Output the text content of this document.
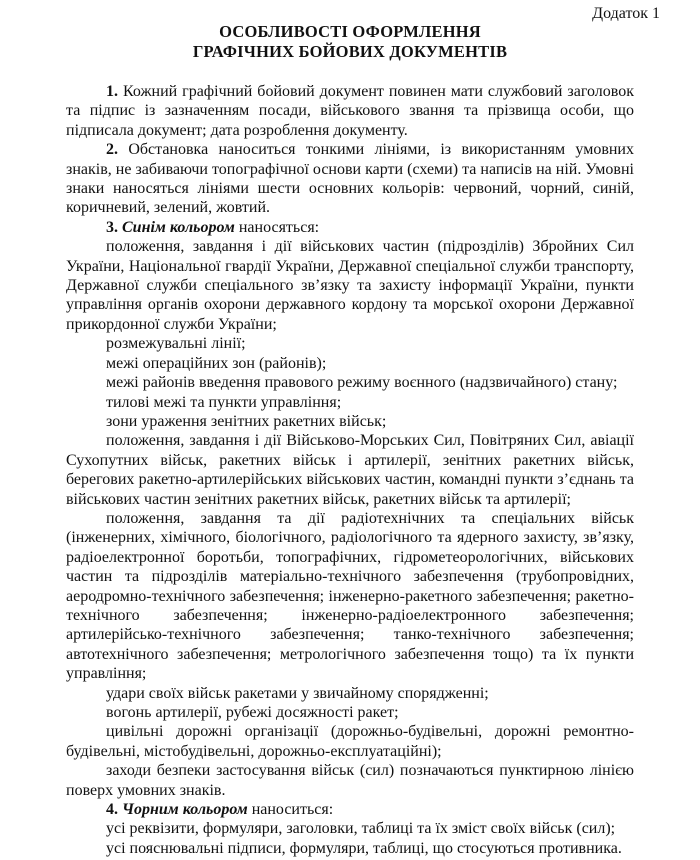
Додаток 1
ОСОБЛИВОСТІ ОФОРМЛЕННЯ
ГРАФІЧНИХ БОЙОВИХ ДОКУМЕНТІВ

1. Кожний графічний бойовий документ повинен мати службовий заголовок та підпис із зазначенням посади, військового звання та прізвища особи, що підписала документ; дата розроблення документу.

2. Обстановка наноситься тонкими лініями, із використанням умовних знаків, не забиваючи топографічної основи карти (схеми) та написів на ній. Умовні знаки наносяться лініями шести основних кольорів: червоний, чорний, синій, коричневий, зелений, жовтий.

3. Синім кольором наносяться:

положення, завдання і дії військових частин (підрозділів) Збройних Сил України, Національної гвардії України, Державної спеціальної служби транспорту, Державної служби спеціального зв’язку та захисту інформації України, пункти управління органів охорони державного кордону та морської охорони Державної прикордонної служби України;

розмежувальні лінії;

межі операційних зон (районів);

межі районів введення правового режиму воєнного (надзвичайного) стану;

тилові межі та пункти управління;

зони ураження зенітних ракетних військ;

положення, завдання і дії Військово-Морських Сил, Повітряних Сил, авіації Сухопутних військ, ракетних військ і артилерії, зенітних ракетних військ, берегових ракетно-артилерійських військових частин, командні пункти з’єднань та військових частин зенітних ракетних військ, ракетних військ та артилерії;

положення, завдання та дії радіотехнічних та спеціальних військ (інженерних, хімічного, біологічного, радіологічного та ядерного захисту, зв’язку, радіоелектронної боротьби, топографічних, гідрометеорологічних, військових частин та підрозділів матеріально-технічного забезпечення (трубопровідних, аеродромно-технічного забезпечення; інженерно-ракетного забезпечення; ракетно-технічного забезпечення; інженерно-радіоелектронного забезпечення; артилерійсько-технічного забезпечення; танко-технічного забезпечення; автотехнічного забезпечення; метрологічного забезпечення тощо) та їх пункти управління;

удари своїх військ ракетами у звичайному спорядженні;

вогонь артилерії, рубежі досяжності ракет;

цивільні дорожні організації (дорожньо-будівельні, дорожні ремонтно-будівельні, містобудівельні, дорожньо-експлуатаційні);

заходи безпеки застосування військ (сил) позначаються пунктирною лінією поверх умовних знаків.

4. Чорним кольором наноситься:

усі реквізити, формуляри, заголовки, таблиці та їх зміст своїх військ (сил);

усі пояснювальні підписи, формуляри, таблиці, що стосуються противника.
